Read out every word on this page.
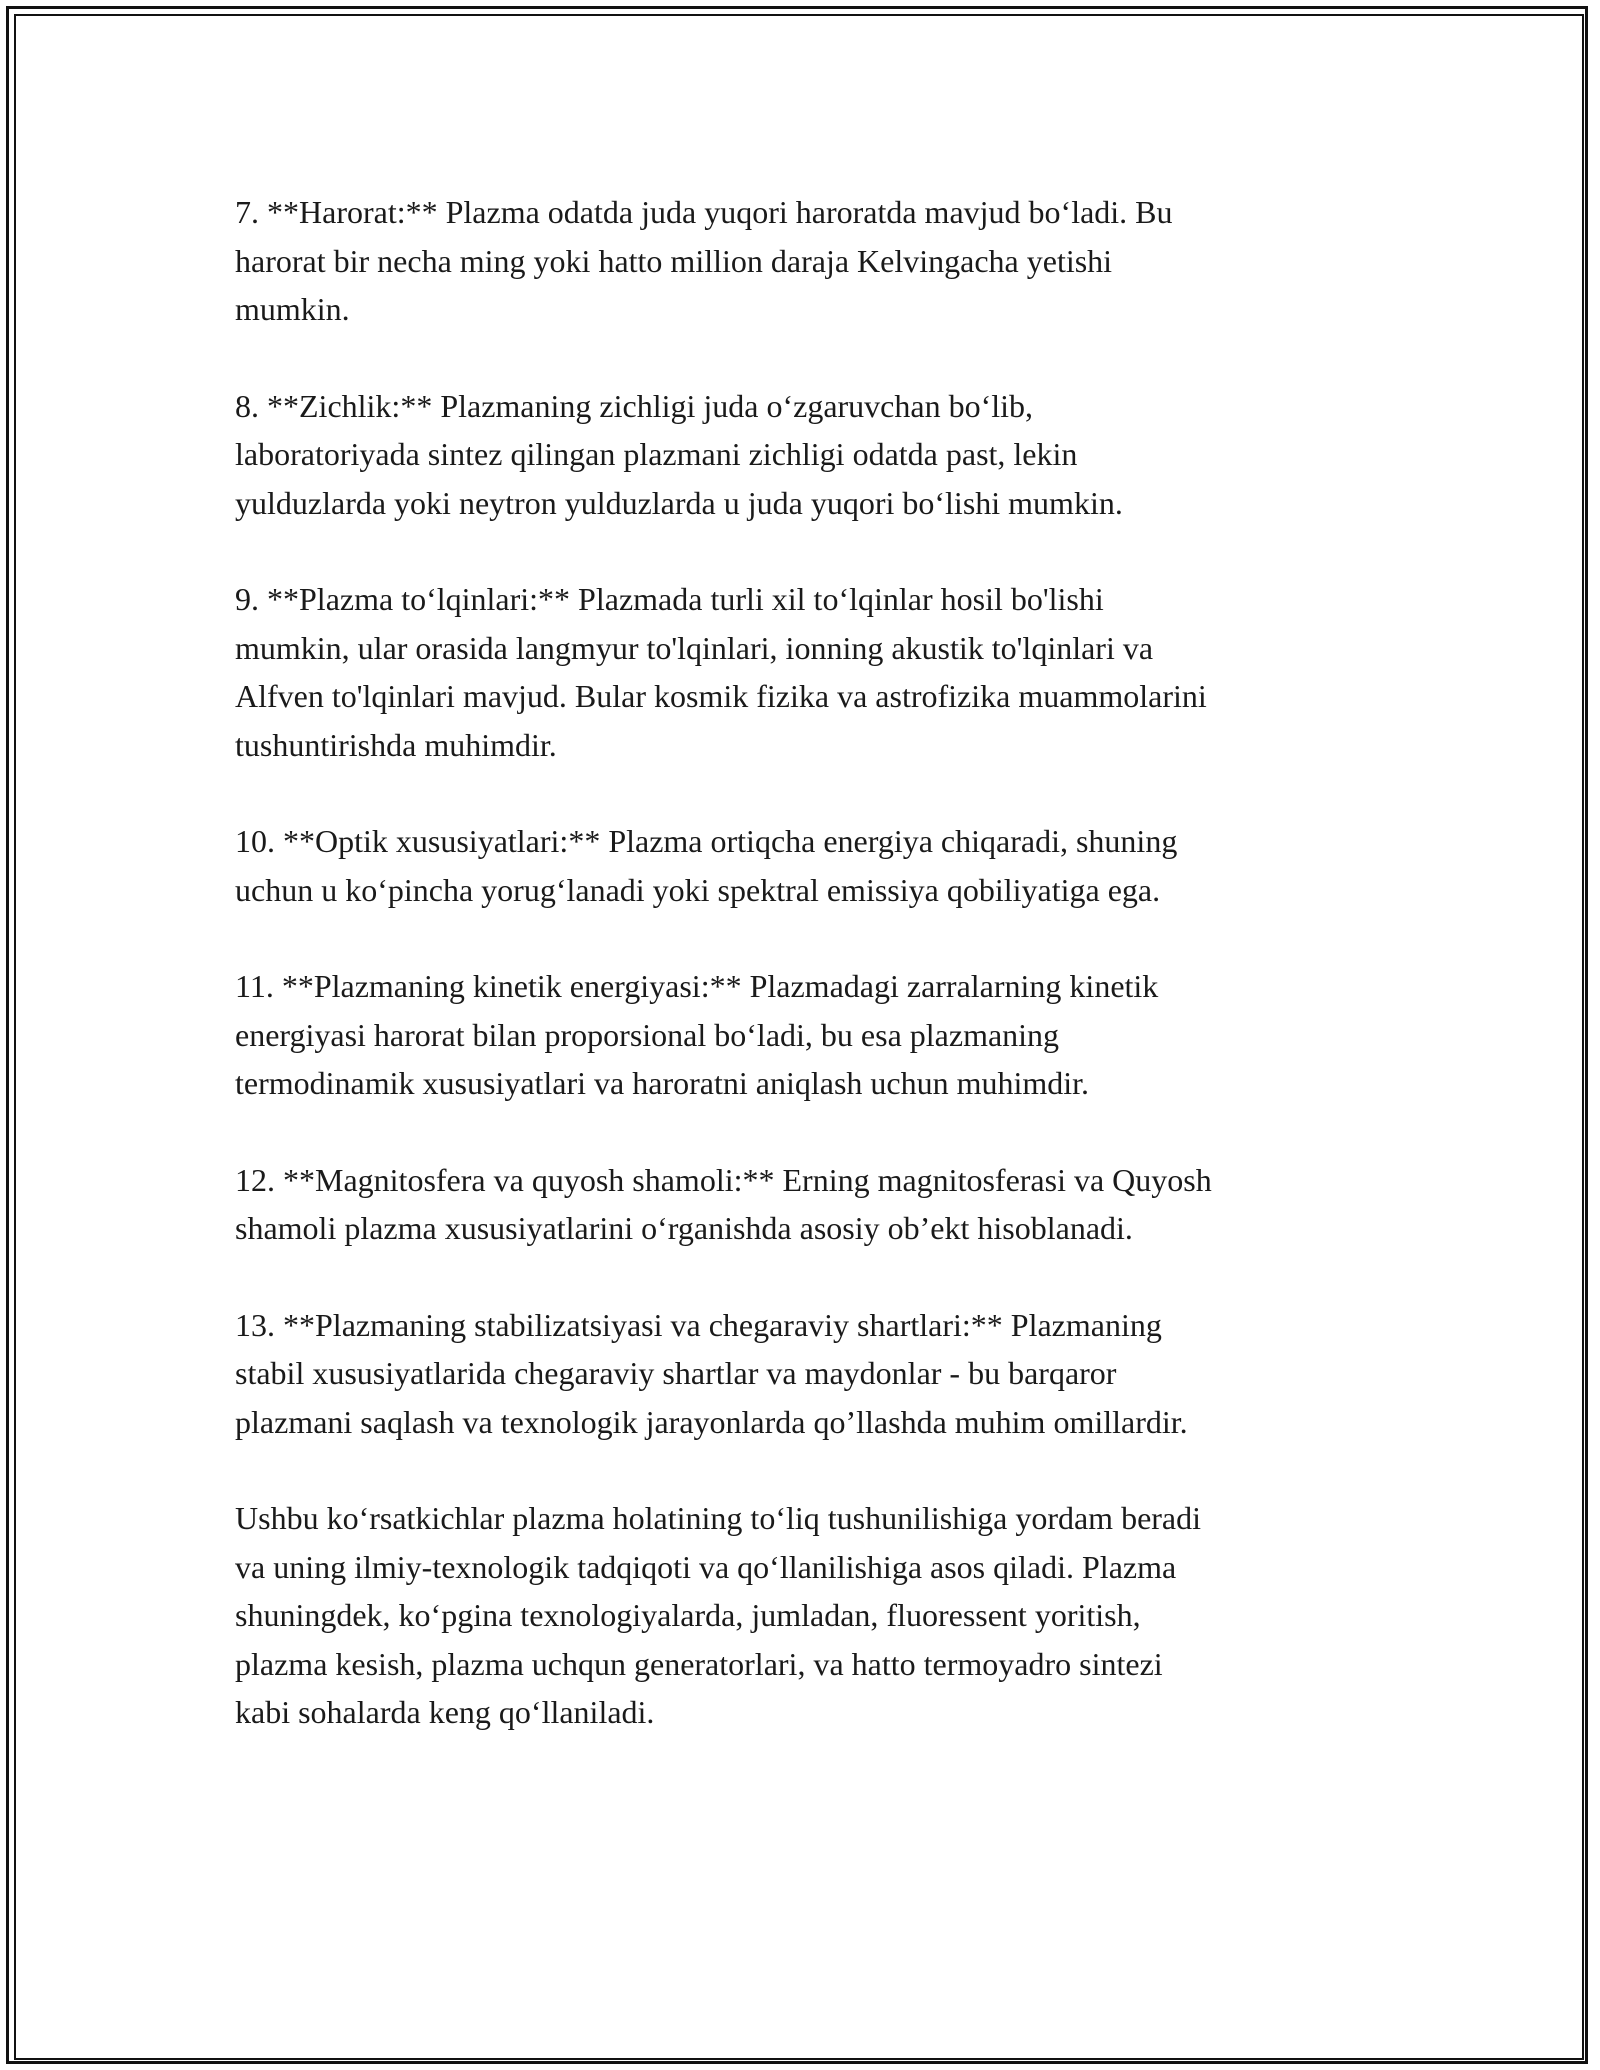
7. **Harorat:** Plazma odatda juda yuqori haroratda mavjud bo‘ladi. Bu
harorat bir necha ming yoki hatto million daraja Kelvingacha yetishi
mumkin.

8. **Zichlik:** Plazmaning zichligi juda o‘zgaruvchan bo‘lib,
laboratoriyada sintez qilingan plazmani zichligi odatda past, lekin
yulduzlarda yoki neytron yulduzlarda u juda yuqori bo‘lishi mumkin.

9. **Plazma to‘lqinlari:** Plazmada turli xil to‘lqinlar hosil bo'lishi
mumkin, ular orasida langmyur to'lqinlari, ionning akustik to'lqinlari va
Alfven to'lqinlari mavjud. Bular kosmik fizika va astrofizika muammolarini
tushuntirishda muhimdir.

10. **Optik xususiyatlari:** Plazma ortiqcha energiya chiqaradi, shuning
uchun u ko‘pincha yorug‘lanadi yoki spektral emissiya qobiliyatiga ega.

11. **Plazmaning kinetik energiyasi:** Plazmadagi zarralarning kinetik
energiyasi harorat bilan proporsional bo‘ladi, bu esa plazmaning
termodinamik xususiyatlari va haroratni aniqlash uchun muhimdir.

12. **Magnitosfera va quyosh shamoli:** Erning magnitosferasi va Quyosh
shamoli plazma xususiyatlarini o‘rganishda asosiy ob’ekt hisoblanadi.

13. **Plazmaning stabilizatsiyasi va chegaraviy shartlari:** Plazmaning
stabil xususiyatlarida chegaraviy shartlar va maydonlar - bu barqaror
plazmani saqlash va texnologik jarayonlarda qo’llashda muhim omillardir.

Ushbu ko‘rsatkichlar plazma holatining to‘liq tushunilishiga yordam beradi
va uning ilmiy-texnologik tadqiqoti va qo‘llanilishiga asos qiladi. Plazma
shuningdek, ko‘pgina texnologiyalarda, jumladan, fluoressent yoritish,
plazma kesish, plazma uchqun generatorlari, va hatto termoyadro sintezi
kabi sohalarda keng qo‘llaniladi.
